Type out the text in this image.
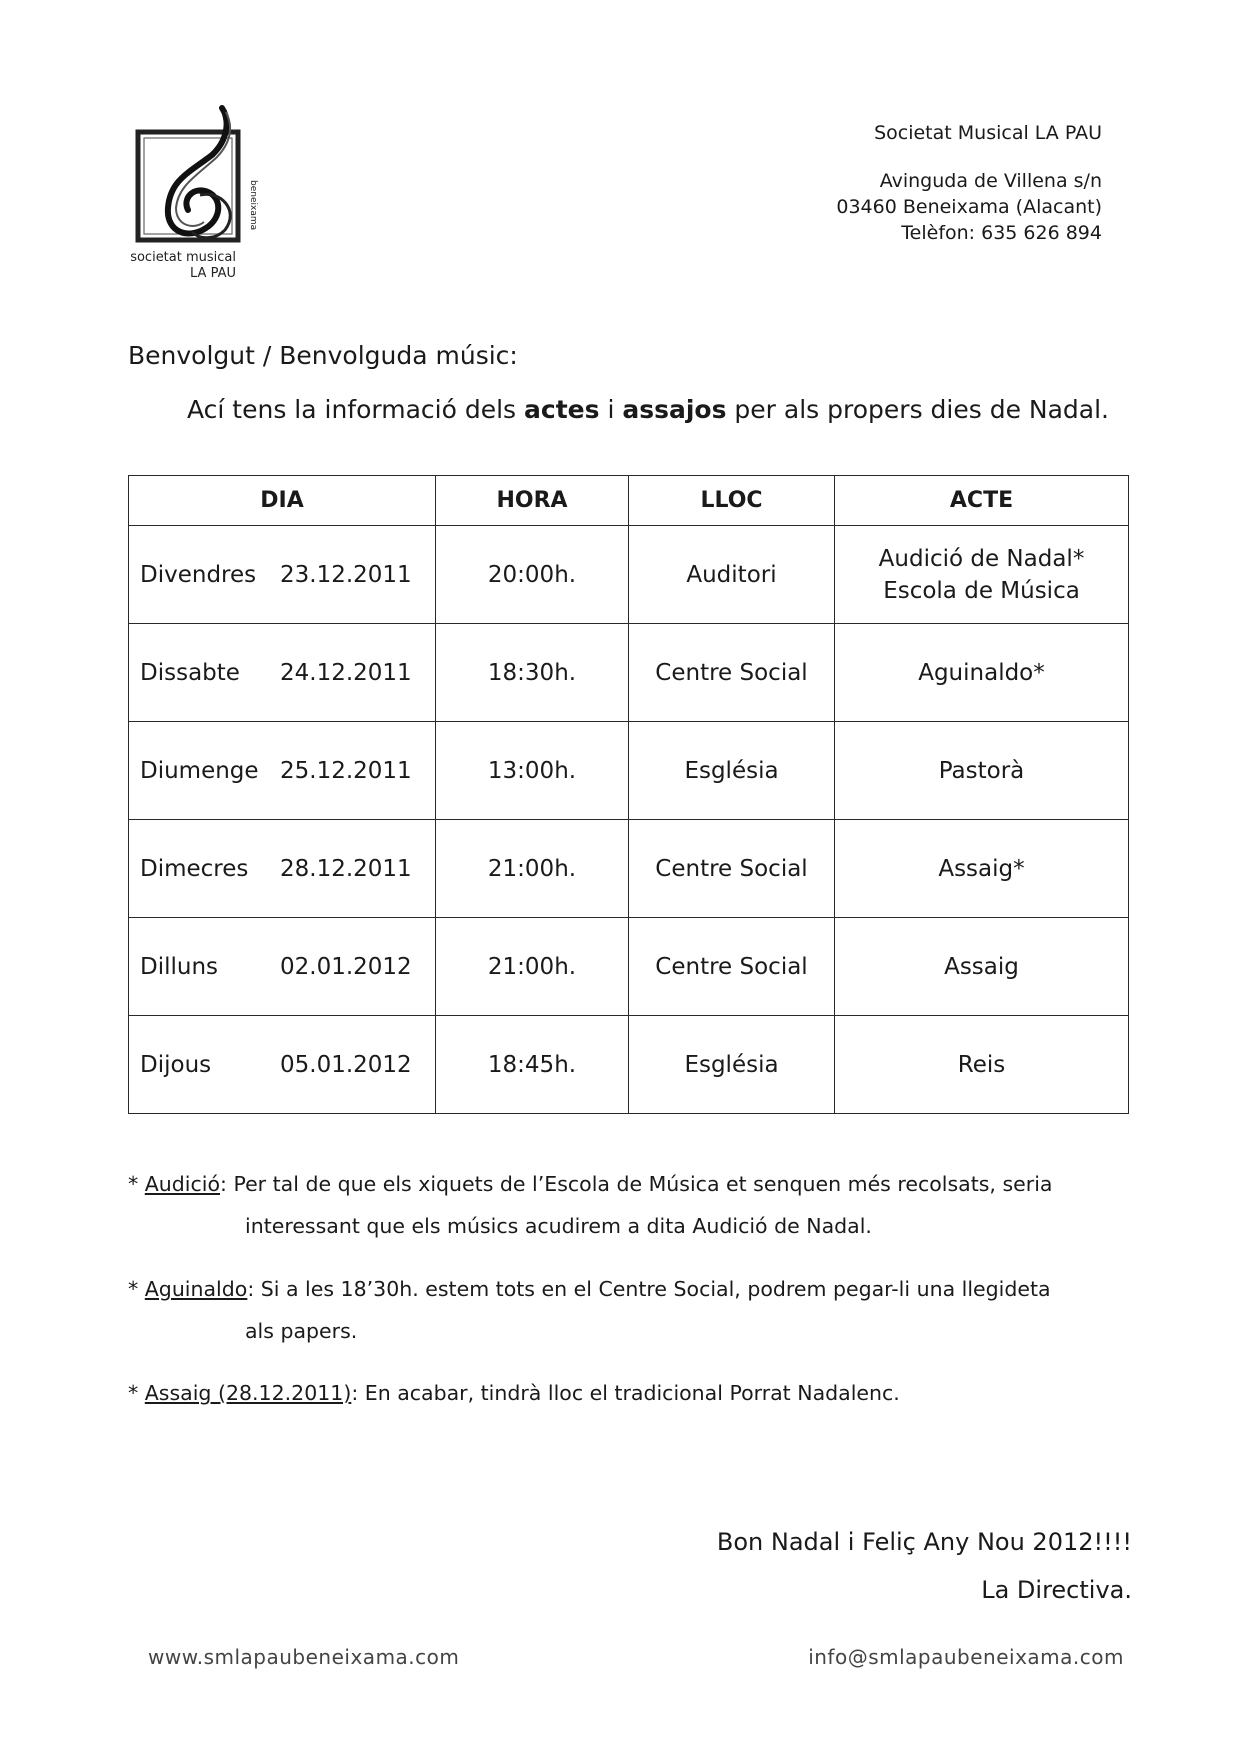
beneixama
societat musical
LA PAU
Societat Musical LA PAU
Avinguda de Villena s/n
03460 Beneixama (Alacant)
Telèfon: 635 626 894
Benvolgut / Benvolguda músic:
Ací tens la informació dels actes i assajos per als propers dies de Nadal.
DIA	HORA	LLOC	ACTE
Divendres 23.12.2011	20:00h.	Auditori	Audició de Nadal*
Escola de Música

Dissabte 24.12.2011	18:30h.	Centre Social	Aguinaldo*
Diumenge 25.12.2011	13:00h.	Església	Pastorà
Dimecres 28.12.2011	21:00h.	Centre Social	Assaig*
Dilluns 02.01.2012	21:00h.	Centre Social	Assaig
Dijous 05.01.2012	18:45h.	Església	Reis
* Audició: Per tal de que els xiquets de l’Escola de Música et senquen més recolsats, seria
interessant que els músics acudirem a dita Audició de Nadal.
* Aguinaldo: Si a les 18’30h. estem tots en el Centre Social, podrem pegar-li una llegideta
als papers.
* Assaig (28.12.2011): En acabar, tindrà lloc el tradicional Porrat Nadalenc.
Bon Nadal i Feliç Any Nou 2012!!!!
La Directiva.
www.smlapaubeneixama.com	info@smlapaubeneixama.com
